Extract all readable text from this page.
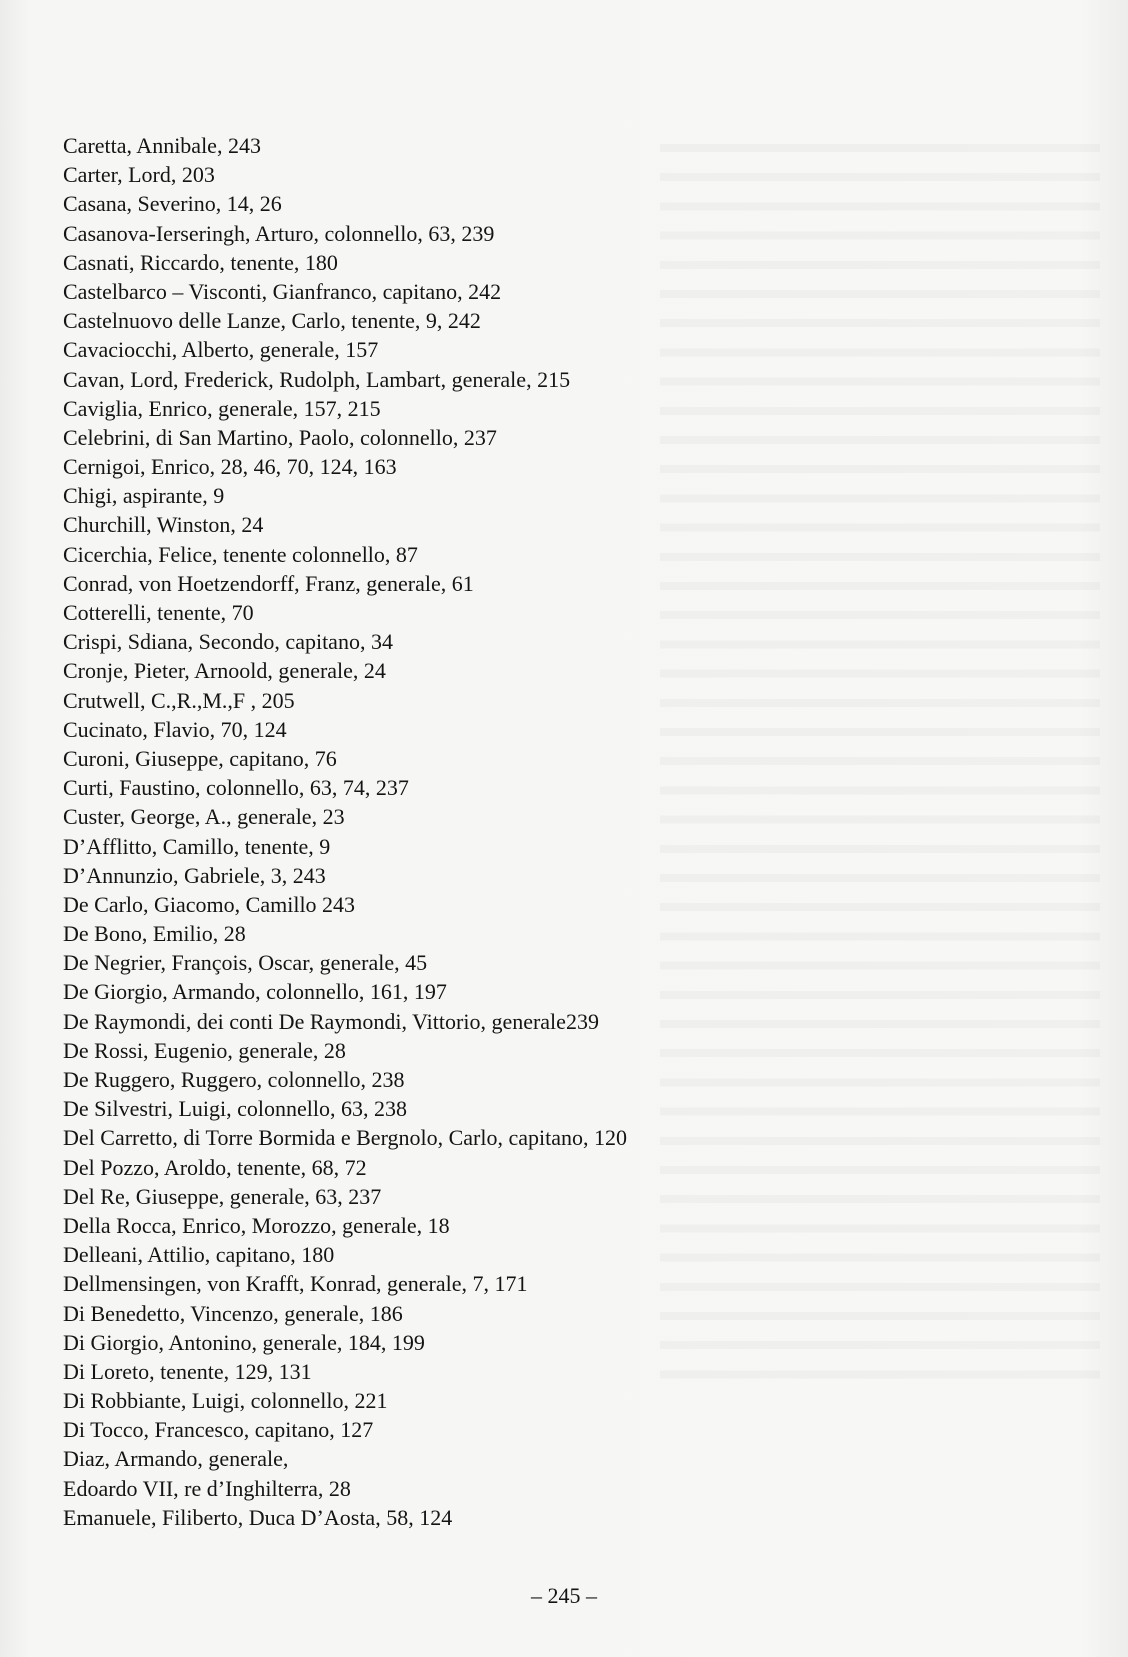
Caretta, Annibale, 243
Carter, Lord, 203
Casana, Severino, 14, 26
Casanova-Ierseringh, Arturo, colonnello, 63, 239
Casnati, Riccardo, tenente, 180
Castelbarco – Visconti, Gianfranco, capitano, 242
Castelnuovo delle Lanze, Carlo, tenente, 9, 242
Cavaciocchi, Alberto, generale, 157
Cavan, Lord, Frederick, Rudolph, Lambart, generale, 215
Caviglia, Enrico, generale, 157, 215
Celebrini, di San Martino, Paolo, colonnello, 237
Cernigoi, Enrico, 28, 46, 70, 124, 163
Chigi, aspirante, 9
Churchill, Winston, 24
Cicerchia, Felice, tenente colonnello, 87
Conrad, von Hoetzendorff, Franz, generale, 61
Cotterelli, tenente, 70
Crispi, Sdiana, Secondo, capitano, 34
Cronje, Pieter, Arnoold, generale, 24
Crutwell, C.,R.,M.,F , 205
Cucinato, Flavio, 70, 124
Curoni, Giuseppe, capitano, 76
Curti, Faustino, colonnello, 63, 74, 237
Custer, George, A., generale, 23
D’Afflitto, Camillo, tenente, 9
D’Annunzio, Gabriele, 3, 243
De Carlo, Giacomo, Camillo 243
De Bono, Emilio, 28
De Negrier, François, Oscar, generale, 45
De Giorgio, Armando, colonnello, 161, 197
De Raymondi, dei conti De Raymondi, Vittorio, generale239
De Rossi, Eugenio, generale, 28
De Ruggero, Ruggero, colonnello, 238
De Silvestri, Luigi, colonnello, 63, 238
Del Carretto, di Torre Bormida e Bergnolo, Carlo, capitano, 120
Del Pozzo, Aroldo, tenente, 68, 72
Del Re, Giuseppe, generale, 63, 237
Della Rocca, Enrico, Morozzo, generale, 18
Delleani, Attilio, capitano, 180
Dellmensingen, von Krafft, Konrad, generale, 7, 171
Di Benedetto, Vincenzo, generale, 186
Di Giorgio, Antonino, generale, 184, 199
Di Loreto, tenente, 129, 131
Di Robbiante, Luigi, colonnello, 221
Di Tocco, Francesco, capitano, 127
Diaz, Armando, generale,
Edoardo VII, re d’Inghilterra, 28
Emanuele, Filiberto, Duca D’Aosta, 58, 124
– 245 –
